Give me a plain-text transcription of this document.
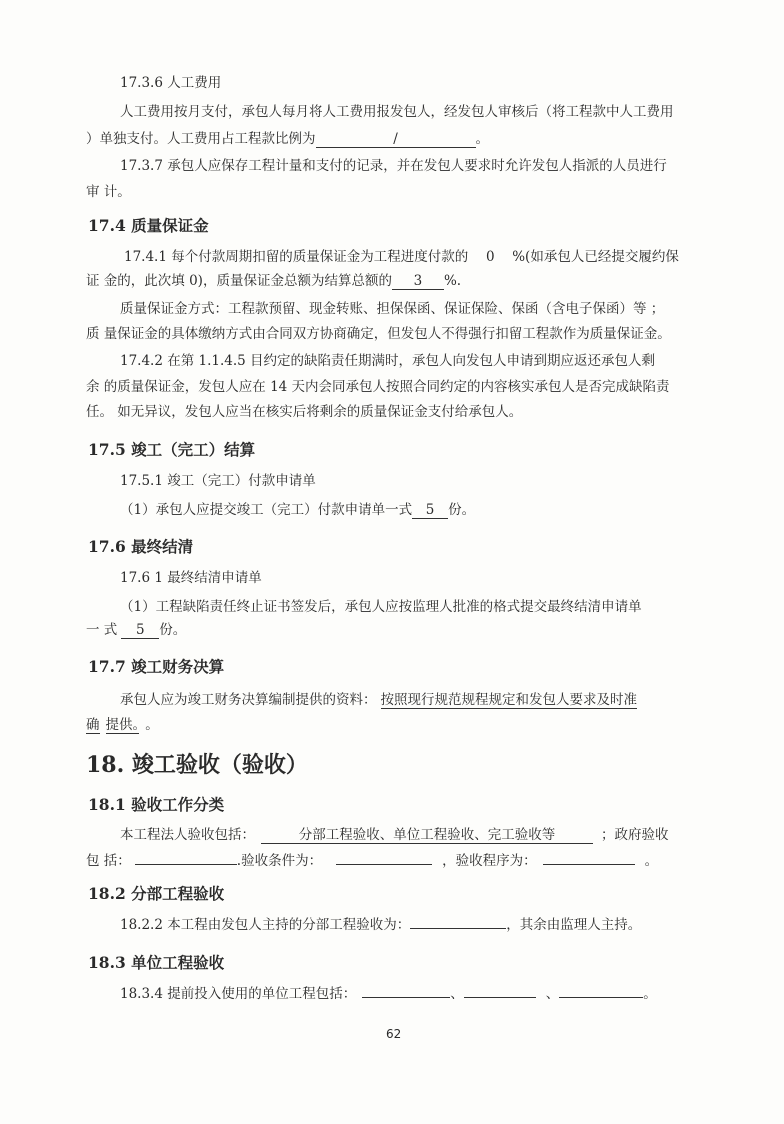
17.3.6 人工费用
人工费用按月支付，承包人每月将人工费用报发包人，经发包人审核后（将工程款中人工费用
）单独支付。人工费用占工程款比例为	/	。
17.3.7 承包人应保存工程计量和支付的记录，并在发包人要求时允许发包人指派的人员进行
审 计。
17.4 质量保证金
17.4.1 每个付款周期扣留的质量保证金为工程进度付款的 0 %(如承包人已经提交履约保
证 金的，此次填 0)，质量保证金总额为结算总额的 3 %.
质量保证金方式：工程款预留、现金转账、担保保函、保证保险、保函（含电子保函）等 ；
质 量保证金的具体缴纳方式由合同双方协商确定，但发包人不得强行扣留工程款作为质量保证金。
17.4.2 在第 1.1.4.5 目约定的缺陷责任期满时，承包人向发包人申请到期应返还承包人剩
余 的质量保证金，发包人应在 14 天内会同承包人按照合同约定的内容核实承包人是否完成缺陷责
任。 如无异议，发包人应当在核实后将剩余的质量保证金支付给承包人。
17.5 竣工（完工）结算
17.5.1 竣工（完工）付款申请单
（1）承包人应提交竣工（完工）付款申请单一式 5 份。
17.6 最终结清
17.6 1 最终结清申请单
（1）工程缺陷责任终止证书签发后，承包人应按监理人批准的格式提交最终结清申请单
一 式 5 份。
17.7 竣工财务决算
承包人应为竣工财务决算编制提供的资料： 按照现行规范规程规定和发包人要求及时准
确 提供。 。
18. 竣工验收（验收）
18.1 验收工作分类
本工程法人验收包括：	分部工程验收、单位工程验收、完工验收等	；政府验收
包 括：	.验收条件为：	，验收程序为：	。
18.2 分部工程验收
18.2.2 本工程由发包人主持的分部工程验收为：	，其余由监理人主持。
18.3 单位工程验收
18.3.4 提前投入使用的单位工程包括：	、	、	。
62
